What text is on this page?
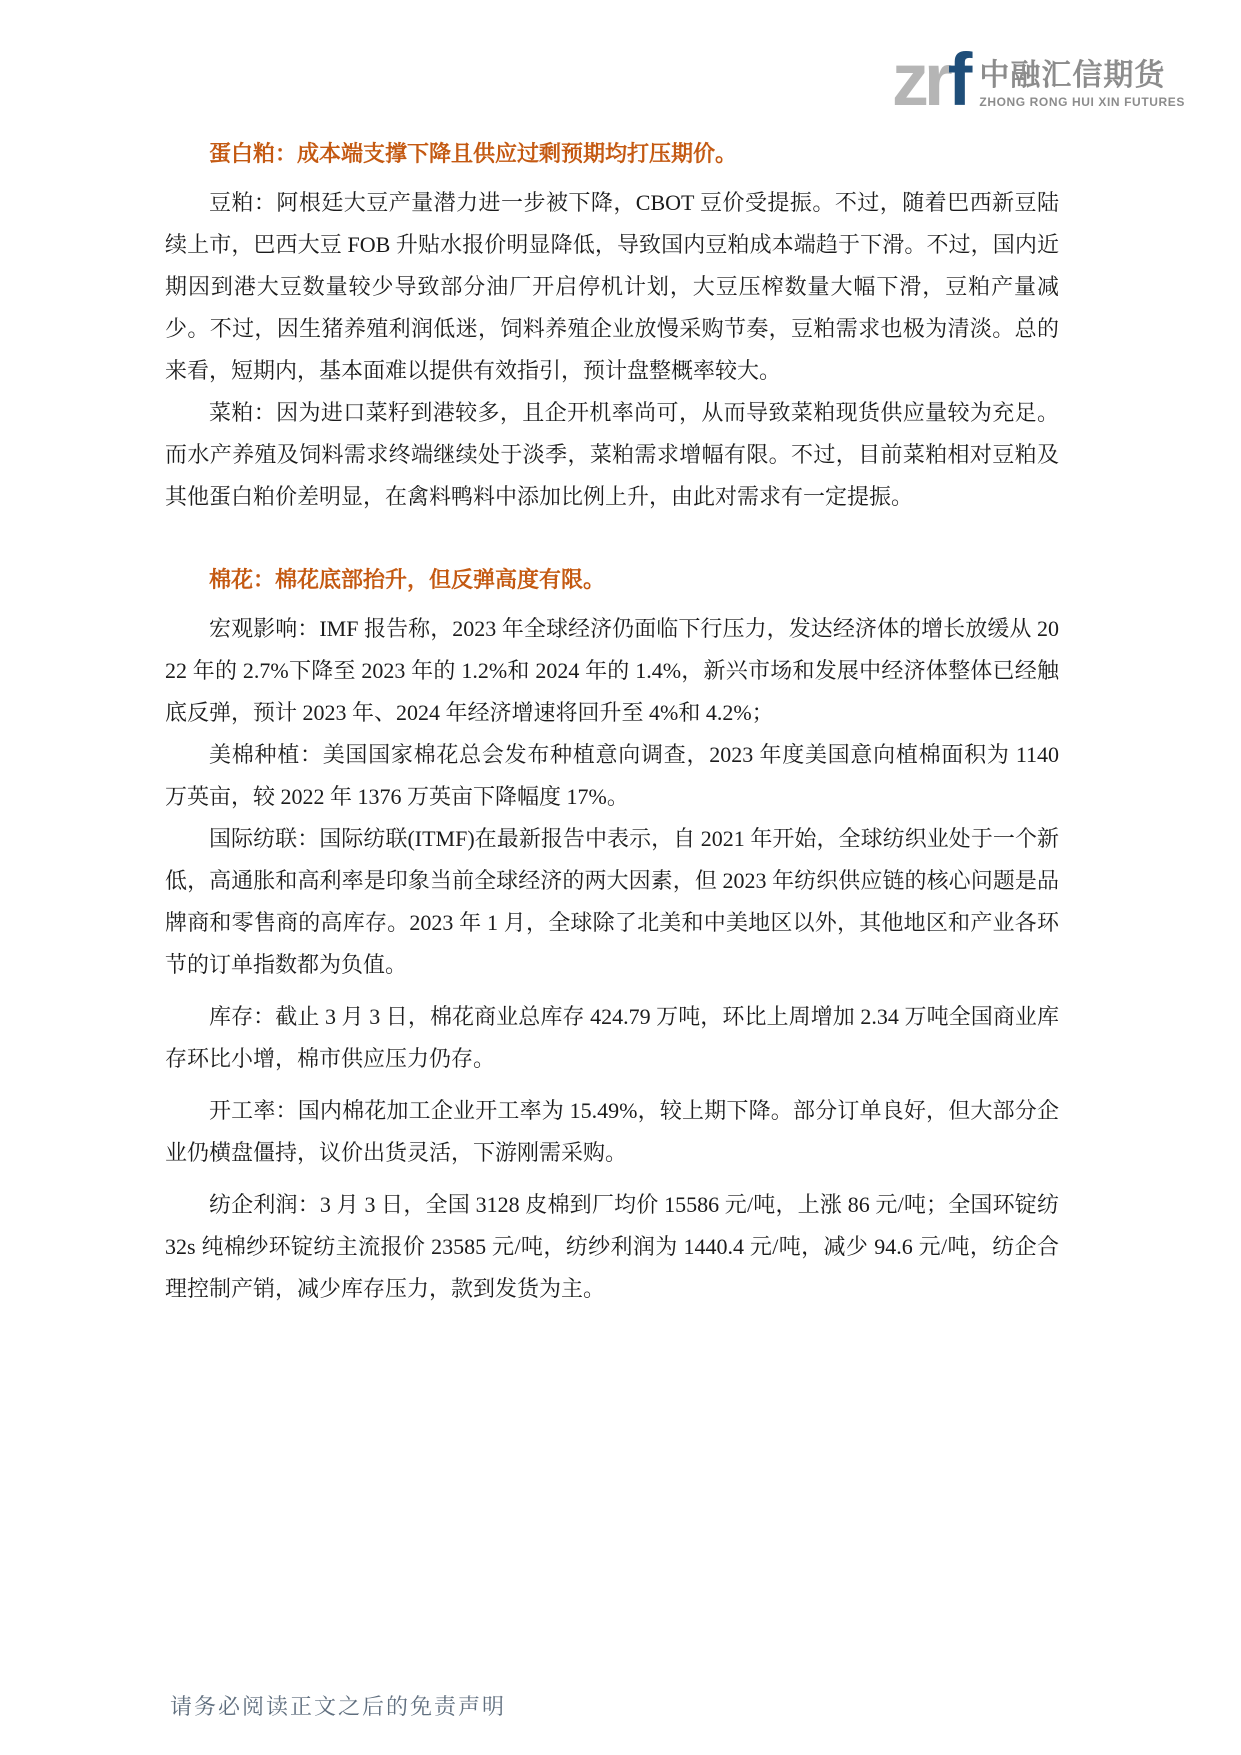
zrf 中融汇信期货
ZHONG RONG HUI XIN FUTURES
蛋白粕：成本端支撑下降且供应过剩预期均打压期价。

豆粕：阿根廷大豆产量潜力进一步被下降，CBOT 豆价受提振。不过，随着巴西新豆陆续上市，巴西大豆 FOB 升贴水报价明显降低，导致国内豆粕成本端趋于下滑。不过，国内近期因到港大豆数量较少导致部分油厂开启停机计划，大豆压榨数量大幅下滑，豆粕产量减少。不过，因生猪养殖利润低迷，饲料养殖企业放慢采购节奏，豆粕需求也极为清淡。总的来看，短期内，基本面难以提供有效指引，预计盘整概率较大。

菜粕：因为进口菜籽到港较多，且企开机率尚可，从而导致菜粕现货供应量较为充足。而水产养殖及饲料需求终端继续处于淡季，菜粕需求增幅有限。不过，目前菜粕相对豆粕及其他蛋白粕价差明显，在禽料鸭料中添加比例上升，由此对需求有一定提振。

棉花：棉花底部抬升，但反弹高度有限。

宏观影响：IMF 报告称，2023 年全球经济仍面临下行压力，发达经济体的增长放缓从 2022 年的 2.7%下降至 2023 年的 1.2%和 2024 年的 1.4%，新兴市场和发展中经济体整体已经触底反弹，预计 2023 年、2024 年经济增速将回升至 4%和 4.2%；

美棉种植：美国国家棉花总会发布种植意向调查，2023 年度美国意向植棉面积为 1140 万英亩，较 2022 年 1376 万英亩下降幅度 17%。

国际纺联：国际纺联(ITMF)在最新报告中表示，自 2021 年开始，全球纺织业处于一个新低，高通胀和高利率是印象当前全球经济的两大因素，但 2023 年纺织供应链的核心问题是品牌商和零售商的高库存。2023 年 1 月，全球除了北美和中美地区以外，其他地区和产业各环节的订单指数都为负值。

库存：截止 3 月 3 日，棉花商业总库存 424.79 万吨，环比上周增加 2.34 万吨全国商业库存环比小增，棉市供应压力仍存。

开工率：国内棉花加工企业开工率为 15.49%，较上期下降。部分订单良好，但大部分企业仍横盘僵持，议价出货灵活，下游刚需采购。

纺企利润：3 月 3 日，全国 3128 皮棉到厂均价 15586 元/吨，上涨 86 元/吨；全国环锭纺 32s 纯棉纱环锭纺主流报价 23585 元/吨，纺纱利润为 1440.4 元/吨，减少 94.6 元/吨，纺企合理控制产销，减少库存压力，款到发货为主。

请务必阅读正文之后的免责声明
